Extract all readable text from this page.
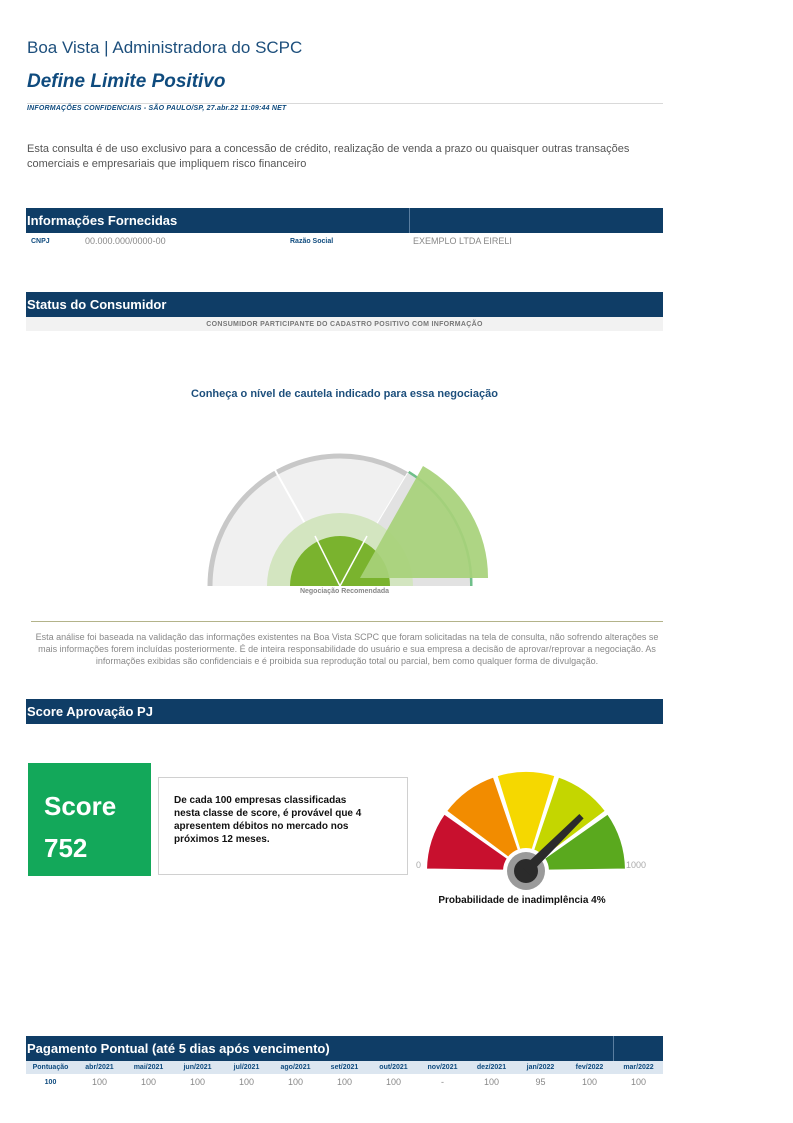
Boa Vista | Administradora do SCPC
Define Limite Positivo
INFORMAÇÕES CONFIDENCIAIS - SÃO PAULO/SP, 27.abr.22 11:09:44 NET
Esta consulta é de uso exclusivo para a concessão de crédito, realização de venda a prazo ou quaisquer outras transações comerciais e empresariais que impliquem risco financeiro
Informações Fornecidas
CNPJ	00.000.000/0000-00	Razão Social	EXEMPLO LTDA EIRELI
Status do Consumidor
CONSUMIDOR PARTICIPANTE DO CADASTRO POSITIVO COM INFORMAÇÃO
Conheça o nível de cautela indicado para essa negociação
Negociação Recomendada
Esta análise foi baseada na validação das informações existentes na Boa Vista SCPC que foram solicitadas na tela de consulta, não sofrendo alterações se mais informações forem incluídas posteriormente. É de inteira responsabilidade do usuário e sua empresa a decisão de aprovar/reprovar a negociação. As informações exibidas são confidenciais e é proibida sua reprodução total ou parcial, bem como qualquer forma de divulgação.
Score Aprovação PJ
Score
752
De cada 100 empresas classificadas nesta classe de score, é provável que 4 apresentem débitos no mercado nos próximos 12 meses.
0	1000
Probabilidade de inadimplência 4%
Pagamento Pontual (até 5 dias após vencimento)
Pontuação	abr/2021	mai/2021	jun/2021	jul/2021	ago/2021	set/2021	out/2021	nov/2021	dez/2021	jan/2022	fev/2022	mar/2022
100	100	100	100	100	100	100	100	-	100	95	100	100
